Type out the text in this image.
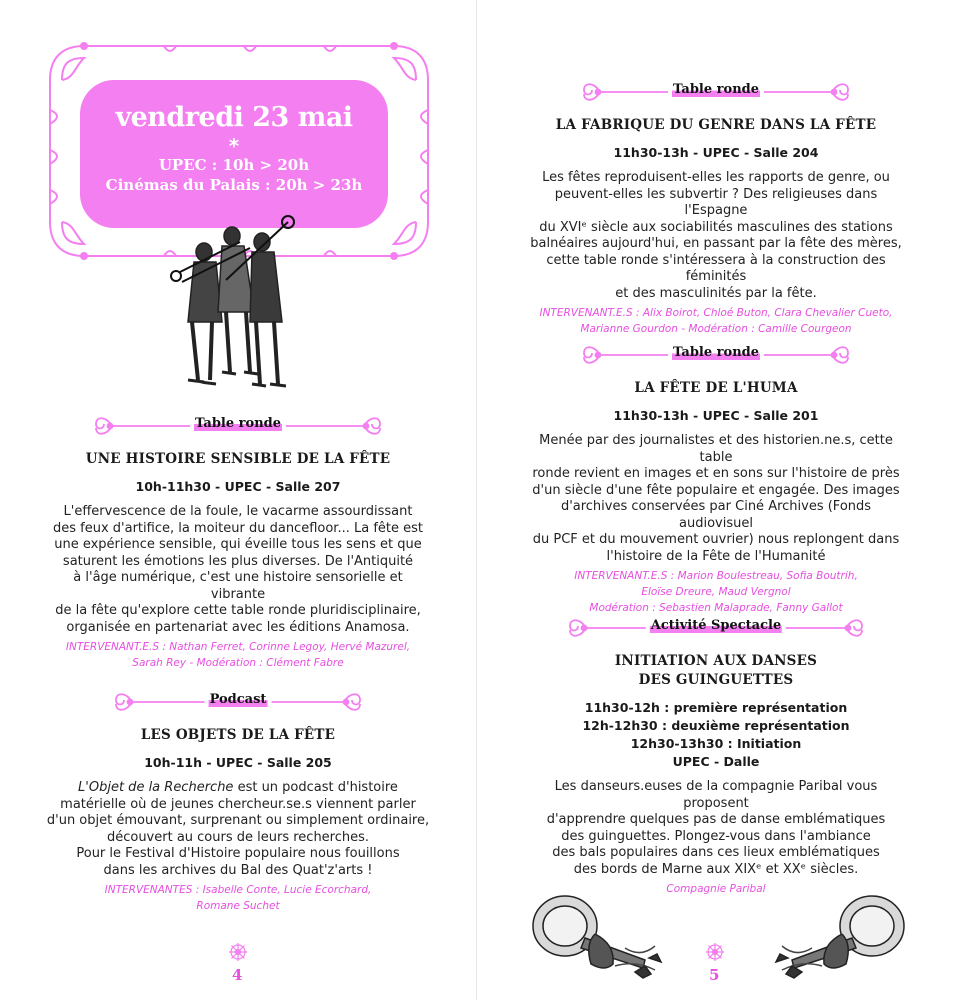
vendredi 23 mai
*
UPEC : 10h > 20h
Cinémas du Palais : 20h > 23h
Table ronde
UNE HISTOIRE SENSIBLE DE LA FÊTE
10h-11h30 - UPEC - Salle 207
L'effervescence de la foule, le vacarme assourdissant
des feux d'artifice, la moiteur du dancefloor... La fête est
une expérience sensible, qui éveille tous les sens et que
saturent les émotions les plus diverses. De l'Antiquité
à l'âge numérique, c'est une histoire sensorielle et vibrante
de la fête qu'explore cette table ronde pluridisciplinaire,
organisée en partenariat avec les éditions Anamosa.
INTERVENANT.E.S : Nathan Ferret, Corinne Legoy, Hervé Mazurel,
Sarah Rey - Modération : Clément Fabre
Podcast
LES OBJETS DE LA FÊTE
10h-11h - UPEC - Salle 205
L'Objet de la Recherche est un podcast d'histoire
matérielle où de jeunes chercheur.se.s viennent parler
d'un objet émouvant, surprenant ou simplement ordinaire,
découvert au cours de leurs recherches.
Pour le Festival d'Histoire populaire nous fouillons
dans les archives du Bal des Quat'z'arts !
INTERVENANTES : Isabelle Conte, Lucie Ecorchard,
Romane Suchet
4
Table ronde
LA FABRIQUE DU GENRE DANS LA FÊTE
11h30-13h - UPEC - Salle 204
Les fêtes reproduisent-elles les rapports de genre, ou
peuvent-elles les subvertir ? Des religieuses dans l'Espagne
du XVIᵉ siècle aux sociabilités masculines des stations
balnéaires aujourd'hui, en passant par la fête des mères,
cette table ronde s'intéressera à la construction des féminités
et des masculinités par la fête.
INTERVENANT.E.S : Alix Boirot, Chloé Buton, Clara Chevalier Cueto,
Marianne Gourdon - Modération : Camille Courgeon
Table ronde
LA FÊTE DE L'HUMA
11h30-13h - UPEC - Salle 201
Menée par des journalistes et des historien.ne.s, cette table
ronde revient en images et en sons sur l'histoire de près
d'un siècle d'une fête populaire et engagée. Des images
d'archives conservées par Ciné Archives (Fonds audiovisuel
du PCF et du mouvement ouvrier) nous replongent dans
l'histoire de la Fête de l'Humanité
INTERVENANT.E.S : Marion Boulestreau, Sofia Boutrih,
Eloïse Dreure, Maud Vergnol
Modération : Sebastien Malaprade, Fanny Gallot
Activité Spectacle
INITIATION AUX DANSES
DES GUINGUETTES
11h30-12h : première représentation
12h-12h30 : deuxième représentation
12h30-13h30 : Initiation
UPEC - Dalle
Les danseurs.euses de la compagnie Paribal vous proposent
d'apprendre quelques pas de danse emblématiques
des guinguettes. Plongez-vous dans l'ambiance
des bals populaires dans ces lieux emblématiques
des bords de Marne aux XIXᵉ et XXᵉ siècles.
Compagnie Paribal
5
